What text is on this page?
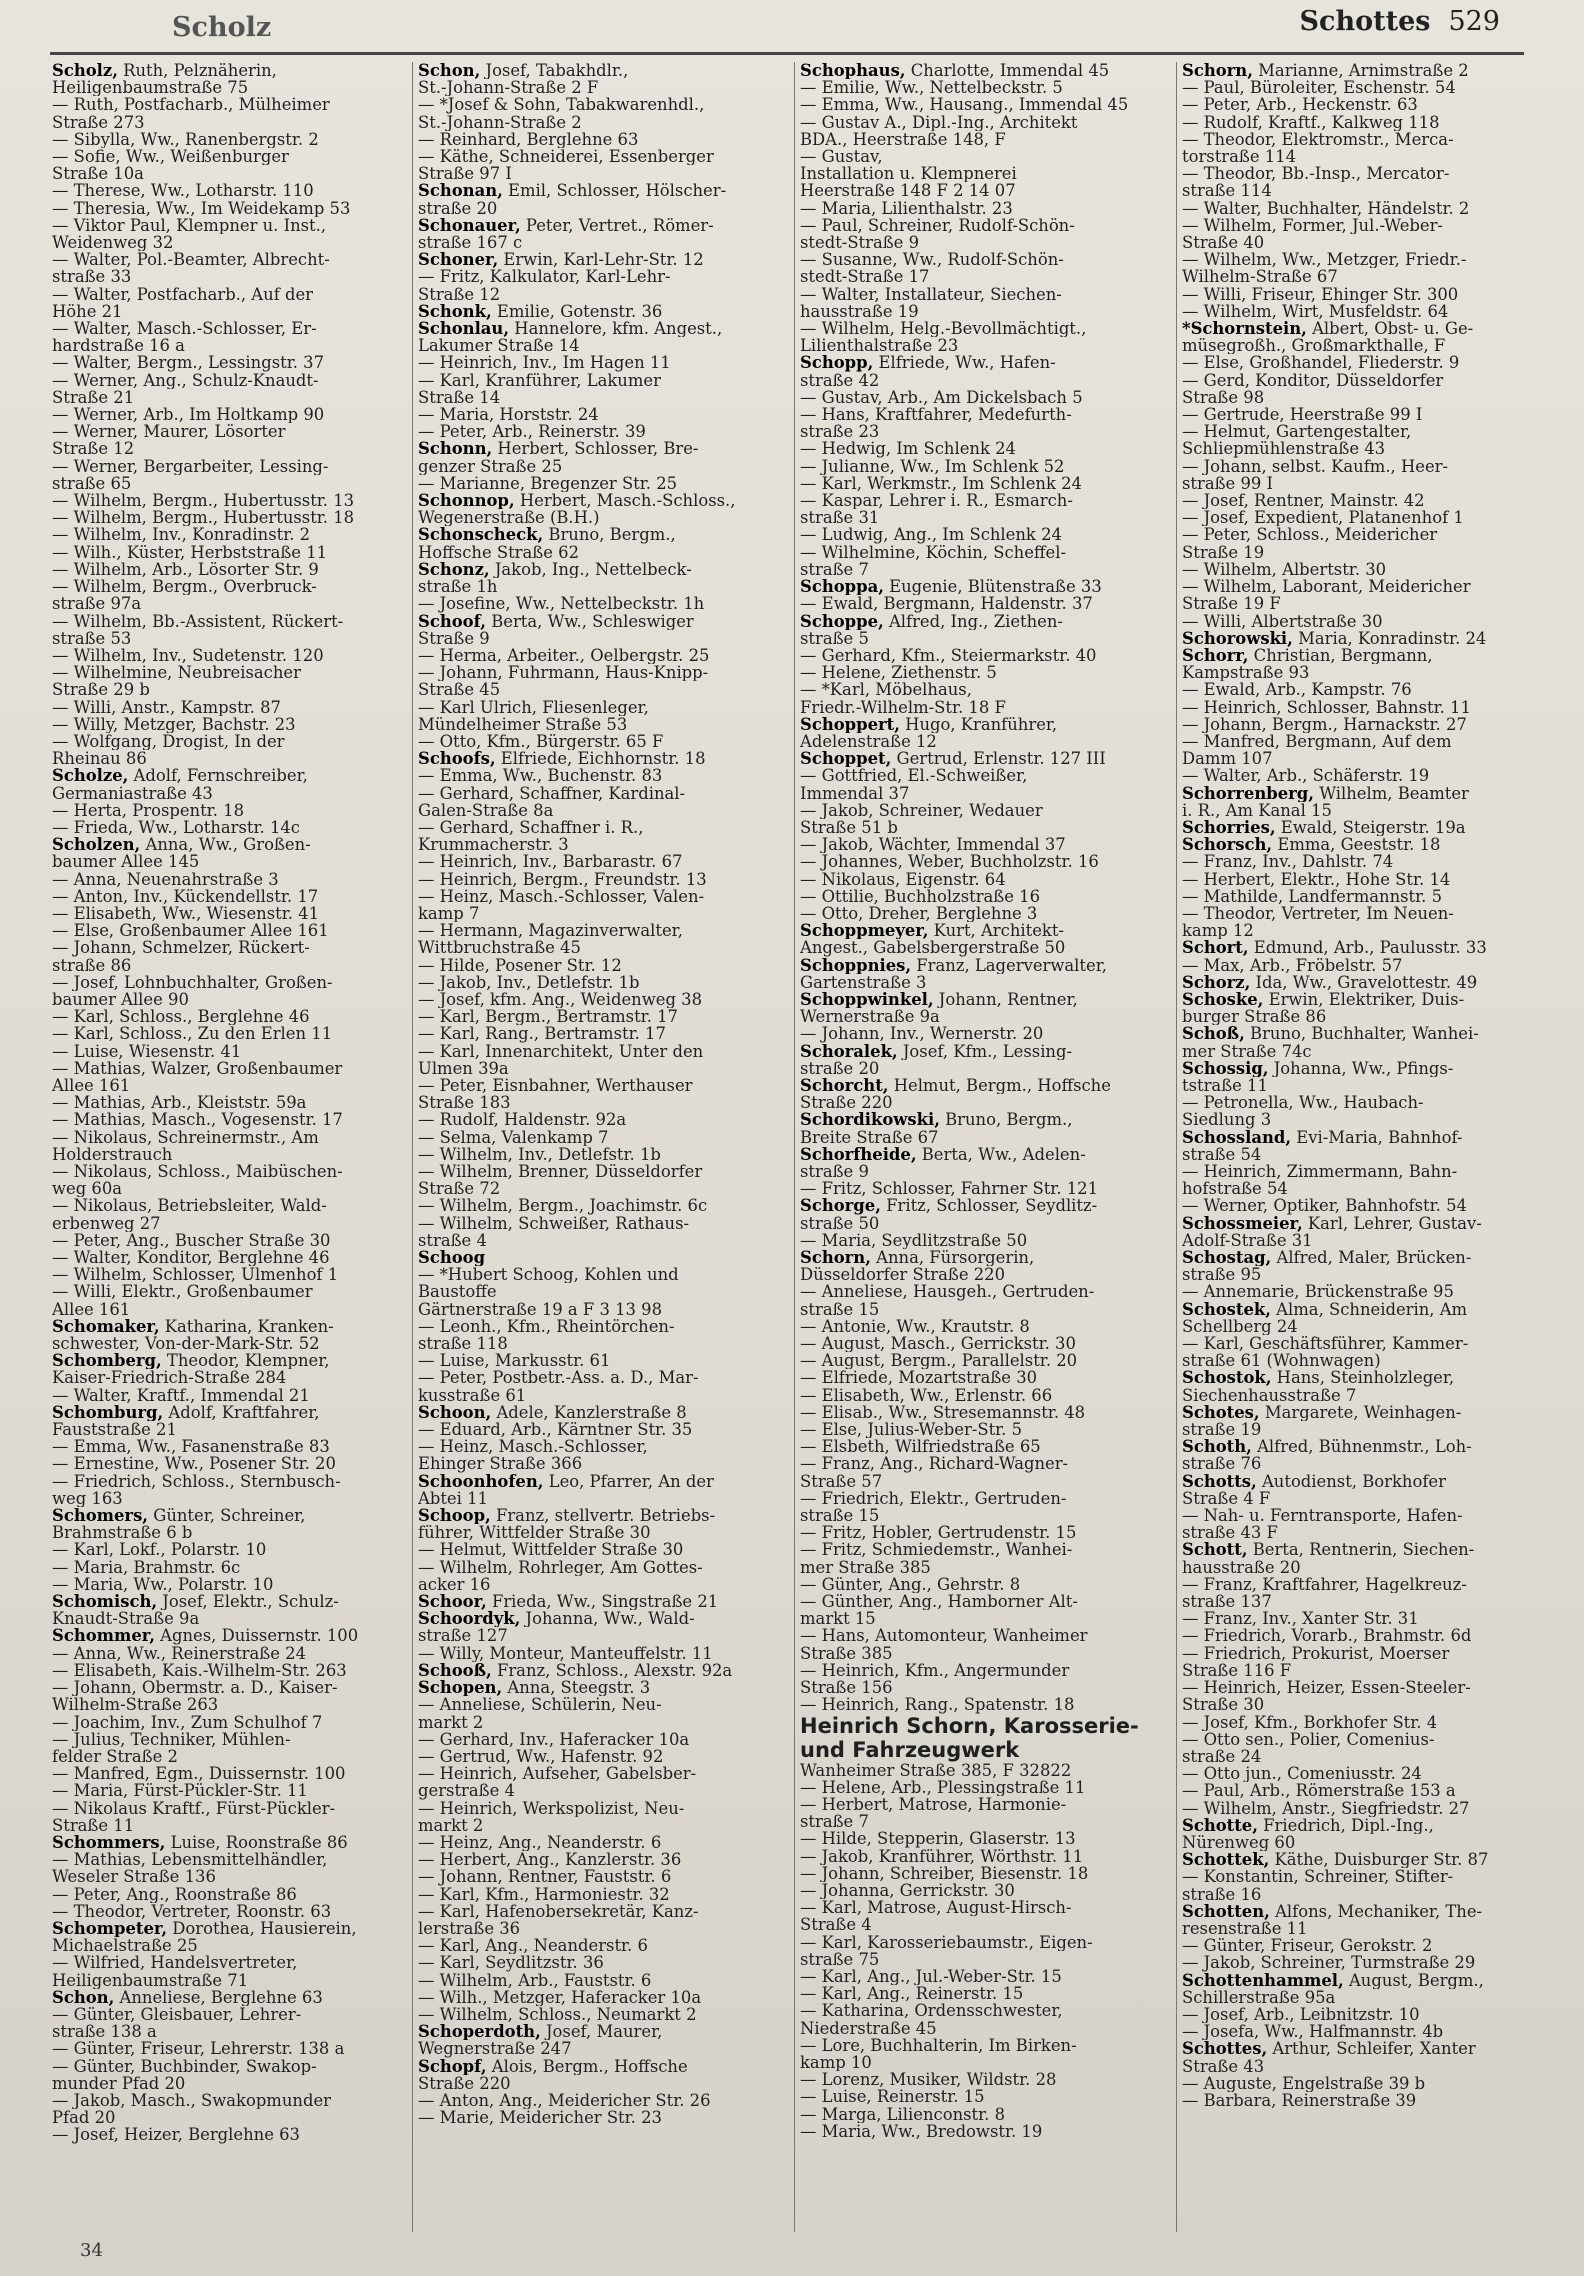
Scholz	Schottes 529
Scholz, Ruth, Pelznäherin,
Heiligenbaumstraße 75
— Ruth, Postfacharb., Mülheimer
Straße 273
— Sibylla, Ww., Ranenbergstr. 2
— Sofie, Ww., Weißenburger
Straße 10a
— Therese, Ww., Lotharstr. 110
— Theresia, Ww., Im Weidekamp 53
— Viktor Paul, Klempner u. Inst.,
Weidenweg 32
— Walter, Pol.-Beamter, Albrecht-
straße 33
— Walter, Postfacharb., Auf der
Höhe 21
— Walter, Masch.-Schlosser, Er-
hardstraße 16 a
— Walter, Bergm., Lessingstr. 37
— Werner, Ang., Schulz-Knaudt-
Straße 21
— Werner, Arb., Im Holtkamp 90
— Werner, Maurer, Lösorter
Straße 12
— Werner, Bergarbeiter, Lessing-
straße 65
— Wilhelm, Bergm., Hubertusstr. 13
— Wilhelm, Bergm., Hubertusstr. 18
— Wilhelm, Inv., Konradinstr. 2
— Wilh., Küster, Herbststraße 11
— Wilhelm, Arb., Lösorter Str. 9
— Wilhelm, Bergm., Overbruck-
straße 97a
— Wilhelm, Bb.-Assistent, Rückert-
straße 53
— Wilhelm, Inv., Sudetenstr. 120
— Wilhelmine, Neubreisacher
Straße 29 b
— Willi, Anstr., Kampstr. 87
— Willy, Metzger, Bachstr. 23
— Wolfgang, Drogist, In der
Rheinau 86
Scholze, Adolf, Fernschreiber,
Germaniastraße 43
— Herta, Prospentr. 18
— Frieda, Ww., Lotharstr. 14c
Scholzen, Anna, Ww., Großen-
baumer Allee 145
— Anna, Neuenahrstraße 3
— Anton, Inv., Kückendellstr. 17
— Elisabeth, Ww., Wiesenstr. 41
— Else, Großenbaumer Allee 161
— Johann, Schmelzer, Rückert-
straße 86
— Josef, Lohnbuchhalter, Großen-
baumer Allee 90
— Karl, Schloss., Berglehne 46
— Karl, Schloss., Zu den Erlen 11
— Luise, Wiesenstr. 41
— Mathias, Walzer, Großenbaumer
Allee 161
— Mathias, Arb., Kleiststr. 59a
— Mathias, Masch., Vogesenstr. 17
— Nikolaus, Schreinermstr., Am
Holderstrauch
— Nikolaus, Schloss., Maibüschen-
weg 60a
— Nikolaus, Betriebsleiter, Wald-
erbenweg 27
— Peter, Ang., Buscher Straße 30
— Walter, Konditor, Berglehne 46
— Wilhelm, Schlosser, Ulmenhof 1
— Willi, Elektr., Großenbaumer
Allee 161
Schomaker, Katharina, Kranken-
schwester, Von-der-Mark-Str. 52
Schomberg, Theodor, Klempner,
Kaiser-Friedrich-Straße 284
— Walter, Kraftf., Immendal 21
Schomburg, Adolf, Kraftfahrer,
Fauststraße 21
— Emma, Ww., Fasanenstraße 83
— Ernestine, Ww., Posener Str. 20
— Friedrich, Schloss., Sternbusch-
weg 163
Schomers, Günter, Schreiner,
Brahmstraße 6 b
— Karl, Lokf., Polarstr. 10
— Maria, Brahmstr. 6c
— Maria, Ww., Polarstr. 10
Schomisch, Josef, Elektr., Schulz-
Knaudt-Straße 9a
Schommer, Agnes, Duissernstr. 100
— Anna, Ww., Reinerstraße 24
— Elisabeth, Kais.-Wilhelm-Str. 263
— Johann, Obermstr. a. D., Kaiser-
Wilhelm-Straße 263
— Joachim, Inv., Zum Schulhof 7
— Julius, Techniker, Mühlen-
felder Straße 2
— Manfred, Egm., Duissernstr. 100
— Maria, Fürst-Pückler-Str. 11
— Nikolaus Kraftf., Fürst-Pückler-
Straße 11
Schommers, Luise, Roonstraße 86
— Mathias, Lebensmittelhändler,
Weseler Straße 136
— Peter, Ang., Roonstraße 86
— Theodor, Vertreter, Roonstr. 63
Schompeter, Dorothea, Hausierein,
Michaelstraße 25
— Wilfried, Handelsvertreter,
Heiligenbaumstraße 71
Schon, Anneliese, Berglehne 63
— Günter, Gleisbauer, Lehrer-
straße 138 a
— Günter, Friseur, Lehrerstr. 138 a
— Günter, Buchbinder, Swakop-
munder Pfad 20
— Jakob, Masch., Swakopmunder
Pfad 20
— Josef, Heizer, Berglehne 63
Schon, Josef, Tabakhdlr.,
St.-Johann-Straße 2 F
— *Josef & Sohn, Tabakwarenhdl.,
St.-Johann-Straße 2
— Reinhard, Berglehne 63
— Käthe, Schneiderei, Essenberger
Straße 97 I
Schonan, Emil, Schlosser, Hölscher-
straße 20
Schonauer, Peter, Vertret., Römer-
straße 167 c
Schoner, Erwin, Karl-Lehr-Str. 12
— Fritz, Kalkulator, Karl-Lehr-
Straße 12
Schonk, Emilie, Gotenstr. 36
Schonlau, Hannelore, kfm. Angest.,
Lakumer Straße 14
— Heinrich, Inv., Im Hagen 11
— Karl, Kranführer, Lakumer
Straße 14
— Maria, Horststr. 24
— Peter, Arb., Reinerstr. 39
Schonn, Herbert, Schlosser, Bre-
genzer Straße 25
— Marianne, Bregenzer Str. 25
Schonnop, Herbert, Masch.-Schloss.,
Wegenerstraße (B.H.)
Schonscheck, Bruno, Bergm.,
Hoffsche Straße 62
Schonz, Jakob, Ing., Nettelbeck-
straße 1h
— Josefine, Ww., Nettelbeckstr. 1h
Schoof, Berta, Ww., Schleswiger
Straße 9
— Herma, Arbeiter., Oelbergstr. 25
— Johann, Fuhrmann, Haus-Knipp-
Straße 45
— Karl Ulrich, Fliesenleger,
Mündelheimer Straße 53
— Otto, Kfm., Bürgerstr. 65 F
Schoofs, Elfriede, Eichhornstr. 18
— Emma, Ww., Buchenstr. 83
— Gerhard, Schaffner, Kardinal-
Galen-Straße 8a
— Gerhard, Schaffner i. R.,
Krummacherstr. 3
— Heinrich, Inv., Barbarastr. 67
— Heinrich, Bergm., Freundstr. 13
— Heinz, Masch.-Schlosser, Valen-
kamp 7
— Hermann, Magazinverwalter,
Wittbruchstraße 45
— Hilde, Posener Str. 12
— Jakob, Inv., Detlefstr. 1b
— Josef, kfm. Ang., Weidenweg 38
— Karl, Bergm., Bertramstr. 17
— Karl, Rang., Bertramstr. 17
— Karl, Innenarchitekt, Unter den
Ulmen 39a
— Peter, Eisnbahner, Werthauser
Straße 183
— Rudolf, Haldenstr. 92a
— Selma, Valenkamp 7
— Wilhelm, Inv., Detlefstr. 1b
— Wilhelm, Brenner, Düsseldorfer
Straße 72
— Wilhelm, Bergm., Joachimstr. 6c
— Wilhelm, Schweißer, Rathaus-
straße 4
Schoog
— *Hubert Schoog, Kohlen und
Baustoffe
Gärtnerstraße 19 a F 3 13 98
— Leonh., Kfm., Rheintörchen-
straße 118
— Luise, Markusstr. 61
— Peter, Postbetr.-Ass. a. D., Mar-
kusstraße 61
Schoon, Adele, Kanzlerstraße 8
— Eduard, Arb., Kärntner Str. 35
— Heinz, Masch.-Schlosser,
Ehinger Straße 366
Schoonhofen, Leo, Pfarrer, An der
Abtei 11
Schoop, Franz, stellvertr. Betriebs-
führer, Wittfelder Straße 30
— Helmut, Wittfelder Straße 30
— Wilhelm, Rohrleger, Am Gottes-
acker 16
Schoor, Frieda, Ww., Singstraße 21
Schoordyk, Johanna, Ww., Wald-
straße 127
— Willy, Monteur, Manteuffelstr. 11
Schooß, Franz, Schloss., Alexstr. 92a
Schopen, Anna, Steegstr. 3
— Anneliese, Schülerin, Neu-
markt 2
— Gerhard, Inv., Haferacker 10a
— Gertrud, Ww., Hafenstr. 92
— Heinrich, Aufseher, Gabelsber-
gerstraße 4
— Heinrich, Werkspolizist, Neu-
markt 2
— Heinz, Ang., Neanderstr. 6
— Herbert, Ang., Kanzlerstr. 36
— Johann, Rentner, Fauststr. 6
— Karl, Kfm., Harmoniestr. 32
— Karl, Hafenobersekretär, Kanz-
lerstraße 36
— Karl, Ang., Neanderstr. 6
— Karl, Seydlitzstr. 36
— Wilhelm, Arb., Fauststr. 6
— Wilh., Metzger, Haferacker 10a
— Wilhelm, Schloss., Neumarkt 2
Schoperdoth, Josef, Maurer,
Wegnerstraße 247
Schopf, Alois, Bergm., Hoffsche
Straße 220
— Anton, Ang., Meidericher Str. 26
— Marie, Meidericher Str. 23
Schophaus, Charlotte, Immendal 45
— Emilie, Ww., Nettelbeckstr. 5
— Emma, Ww., Hausang., Immendal 45
— Gustav A., Dipl.-Ing., Architekt
BDA., Heerstraße 148, F
— Gustav,
Installation u. Klempnerei
Heerstraße 148 F 2 14 07
— Maria, Lilienthalstr. 23
— Paul, Schreiner, Rudolf-Schön-
stedt-Straße 9
— Susanne, Ww., Rudolf-Schön-
stedt-Straße 17
— Walter, Installateur, Siechen-
hausstraße 19
— Wilhelm, Helg.-Bevollmächtigt.,
Lilienthalstraße 23
Schopp, Elfriede, Ww., Hafen-
straße 42
— Gustav, Arb., Am Dickelsbach 5
— Hans, Kraftfahrer, Medefurth-
straße 23
— Hedwig, Im Schlenk 24
— Julianne, Ww., Im Schlenk 52
— Karl, Werkmstr., Im Schlenk 24
— Kaspar, Lehrer i. R., Esmarch-
straße 31
— Ludwig, Ang., Im Schlenk 24
— Wilhelmine, Köchin, Scheffel-
straße 7
Schoppa, Eugenie, Blütenstraße 33
— Ewald, Bergmann, Haldenstr. 37
Schoppe, Alfred, Ing., Ziethen-
straße 5
— Gerhard, Kfm., Steiermarkstr. 40
— Helene, Ziethenstr. 5
— *Karl, Möbelhaus,
Friedr.-Wilhelm-Str. 18 F
Schoppert, Hugo, Kranführer,
Adelenstraße 12
Schoppet, Gertrud, Erlenstr. 127 III
— Gottfried, El.-Schweißer,
Immendal 37
— Jakob, Schreiner, Wedauer
Straße 51 b
— Jakob, Wächter, Immendal 37
— Johannes, Weber, Buchholzstr. 16
— Nikolaus, Eigenstr. 64
— Ottilie, Buchholzstraße 16
— Otto, Dreher, Berglehne 3
Schoppmeyer, Kurt, Architekt-
Angest., Gabelsbergerstraße 50
Schoppnies, Franz, Lagerverwalter,
Gartenstraße 3
Schoppwinkel, Johann, Rentner,
Wernerstraße 9a
— Johann, Inv., Wernerstr. 20
Schoralek, Josef, Kfm., Lessing-
straße 20
Schorcht, Helmut, Bergm., Hoffsche
Straße 220
Schordikowski, Bruno, Bergm.,
Breite Straße 67
Schorfheide, Berta, Ww., Adelen-
straße 9
— Fritz, Schlosser, Fahrner Str. 121
Schorge, Fritz, Schlosser, Seydlitz-
straße 50
— Maria, Seydlitzstraße 50
Schorn, Anna, Fürsorgerin,
Düsseldorfer Straße 220
— Anneliese, Hausgeh., Gertruden-
straße 15
— Antonie, Ww., Krautstr. 8
— August, Masch., Gerrickstr. 30
— August, Bergm., Parallelstr. 20
— Elfriede, Mozartstraße 30
— Elisabeth, Ww., Erlenstr. 66
— Elisab., Ww., Stresemannstr. 48
— Else, Julius-Weber-Str. 5
— Elsbeth, Wilfriedstraße 65
— Franz, Ang., Richard-Wagner-
Straße 57
— Friedrich, Elektr., Gertruden-
straße 15
— Fritz, Hobler, Gertrudenstr. 15
— Fritz, Schmiedemstr., Wanhei-
mer Straße 385
— Günter, Ang., Gehrstr. 8
— Günther, Ang., Hamborner Alt-
markt 15
— Hans, Automonteur, Wanheimer
Straße 385
— Heinrich, Kfm., Angermunder
Straße 156
— Heinrich, Rang., Spatenstr. 18
Heinrich Schorn, Karosserie-
und Fahrzeugwerk
Wanheimer Straße 385, F 32822
— Helene, Arb., Plessingstraße 11
— Herbert, Matrose, Harmonie-
straße 7
— Hilde, Stepperin, Glaserstr. 13
— Jakob, Kranführer, Wörthstr. 11
— Johann, Schreiber, Biesenstr. 18
— Johanna, Gerrickstr. 30
— Karl, Matrose, August-Hirsch-
Straße 4
— Karl, Karosseriebaumstr., Eigen-
straße 75
— Karl, Ang., Jul.-Weber-Str. 15
— Karl, Ang., Reinerstr. 15
— Katharina, Ordensschwester,
Niederstraße 45
— Lore, Buchhalterin, Im Birken-
kamp 10
— Lorenz, Musiker, Wildstr. 28
— Luise, Reinerstr. 15
— Marga, Lilienconstr. 8
— Maria, Ww., Bredowstr. 19
Schorn, Marianne, Arnimstraße 2
— Paul, Büroleiter, Eschenstr. 54
— Peter, Arb., Heckenstr. 63
— Rudolf, Kraftf., Kalkweg 118
— Theodor, Elektromstr., Merca-
torstraße 114
— Theodor, Bb.-Insp., Mercator-
straße 114
— Walter, Buchhalter, Händelstr. 2
— Wilhelm, Former, Jul.-Weber-
Straße 40
— Wilhelm, Ww., Metzger, Friedr.-
Wilhelm-Straße 67
— Willi, Friseur, Ehinger Str. 300
— Wilhelm, Wirt, Musfeldstr. 64
*Schornstein, Albert, Obst- u. Ge-
müsegroßh., Großmarkthalle, F
— Else, Großhandel, Fliederstr. 9
— Gerd, Konditor, Düsseldorfer
Straße 98
— Gertrude, Heerstraße 99 I
— Helmut, Gartengestalter,
Schliepmühlenstraße 43
— Johann, selbst. Kaufm., Heer-
straße 99 I
— Josef, Rentner, Mainstr. 42
— Josef, Expedient, Platanenhof 1
— Peter, Schloss., Meidericher
Straße 19
— Wilhelm, Albertstr. 30
— Wilhelm, Laborant, Meidericher
Straße 19 F
— Willi, Albertstraße 30
Schorowski, Maria, Konradinstr. 24
Schorr, Christian, Bergmann,
Kampstraße 93
— Ewald, Arb., Kampstr. 76
— Heinrich, Schlosser, Bahnstr. 11
— Johann, Bergm., Harnackstr. 27
— Manfred, Bergmann, Auf dem
Damm 107
— Walter, Arb., Schäferstr. 19
Schorrenberg, Wilhelm, Beamter
i. R., Am Kanal 15
Schorries, Ewald, Steigerstr. 19a
Schorsch, Emma, Geeststr. 18
— Franz, Inv., Dahlstr. 74
— Herbert, Elektr., Hohe Str. 14
— Mathilde, Landfermannstr. 5
— Theodor, Vertreter, Im Neuen-
kamp 12
Schort, Edmund, Arb., Paulusstr. 33
— Max, Arb., Fröbelstr. 57
Schorz, Ida, Ww., Gravelottestr. 49
Schoske, Erwin, Elektriker, Duis-
burger Straße 86
Schoß, Bruno, Buchhalter, Wanhei-
mer Straße 74c
Schossig, Johanna, Ww., Pfings-
tstraße 11
— Petronella, Ww., Haubach-
Siedlung 3
Schossland, Evi-Maria, Bahnhof-
straße 54
— Heinrich, Zimmermann, Bahn-
hofstraße 54
— Werner, Optiker, Bahnhofstr. 54
Schossmeier, Karl, Lehrer, Gustav-
Adolf-Straße 31
Schostag, Alfred, Maler, Brücken-
straße 95
— Annemarie, Brückenstraße 95
Schostek, Alma, Schneiderin, Am
Schellberg 24
— Karl, Geschäftsführer, Kammer-
straße 61 (Wohnwagen)
Schostok, Hans, Steinholzleger,
Siechenhausstraße 7
Schotes, Margarete, Weinhagen-
straße 19
Schoth, Alfred, Bühnenmstr., Loh-
straße 76
Schotts, Autodienst, Borkhofer
Straße 4 F
— Nah- u. Ferntransporte, Hafen-
straße 43 F
Schott, Berta, Rentnerin, Siechen-
hausstraße 20
— Franz, Kraftfahrer, Hagelkreuz-
straße 137
— Franz, Inv., Xanter Str. 31
— Friedrich, Vorarb., Brahmstr. 6d
— Friedrich, Prokurist, Moerser
Straße 116 F
— Heinrich, Heizer, Essen-Steeler-
Straße 30
— Josef, Kfm., Borkhofer Str. 4
— Otto sen., Polier, Comenius-
straße 24
— Otto jun., Comeniusstr. 24
— Paul, Arb., Römerstraße 153 a
— Wilhelm, Anstr., Siegfriedstr. 27
Schotte, Friedrich, Dipl.-Ing.,
Nürenweg 60
Schottek, Käthe, Duisburger Str. 87
— Konstantin, Schreiner, Stifter-
straße 16
Schotten, Alfons, Mechaniker, The-
resenstraße 11
— Günter, Friseur, Gerokstr. 2
— Jakob, Schreiner, Turmstraße 29
Schottenhammel, August, Bergm.,
Schillerstraße 95a
— Josef, Arb., Leibnitzstr. 10
— Josefa, Ww., Halfmannstr. 4b
Schottes, Arthur, Schleifer, Xanter
Straße 43
— Auguste, Engelstraße 39 b
— Barbara, Reinerstraße 39
34
